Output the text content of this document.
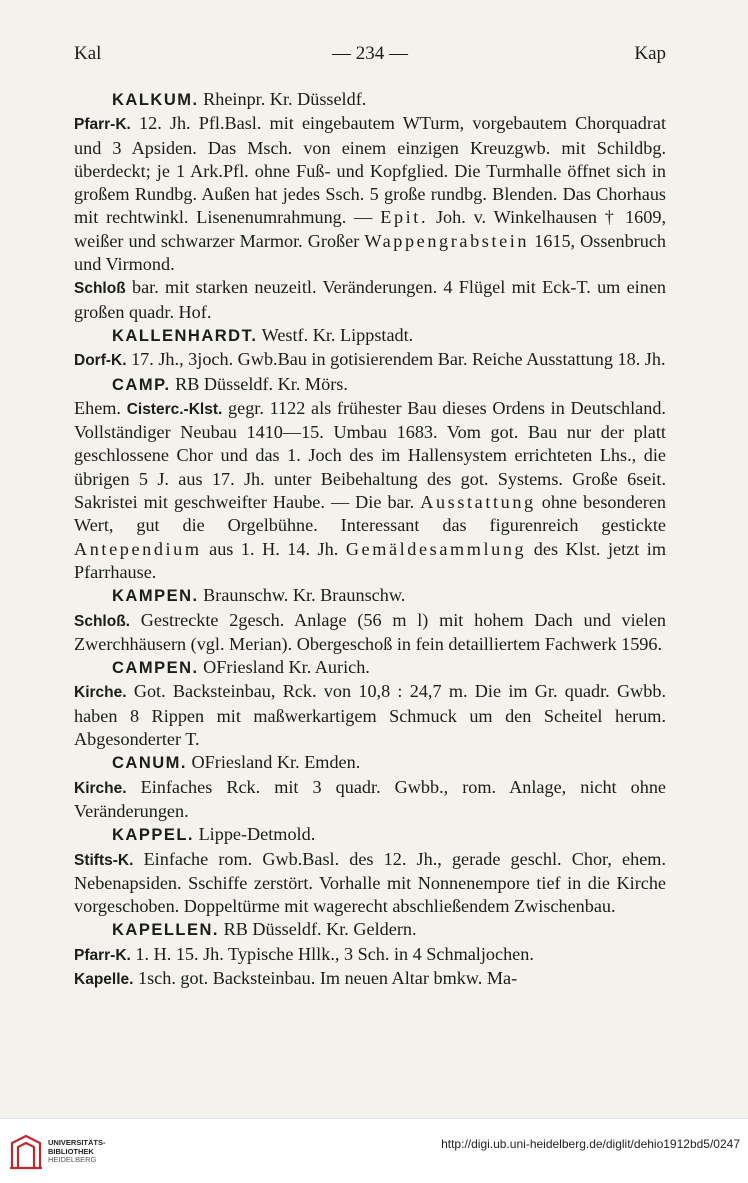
Kal	— 234 —	Kap

KALKUM. Rheinpr. Kr. Düsseldf.

Pfarr-K. 12. Jh. Pfl.Basl. mit eingebautem WTurm, vorgebautem Chorquadrat und 3 Apsiden. Das Msch. von einem einzigen Kreuzgwb. mit Schildbg. überdeckt; je 1 Ark.Pfl. ohne Fuß- und Kopfglied. Die Turmhalle öffnet sich in großem Rundbg. Außen hat jedes Ssch. 5 große rundbg. Blenden. Das Chorhaus mit rechtwinkl. Lisenenumrahmung. — Epit. Joh. v. Winkelhausen † 1609, weißer und schwarzer Marmor. Großer Wappengrabstein 1615, Ossenbruch und Virmond.

Schloß bar. mit starken neuzeitl. Veränderungen. 4 Flügel mit Eck-T. um einen großen quadr. Hof.

KALLENHARDT. Westf. Kr. Lippstadt.

Dorf-K. 17. Jh., 3joch. Gwb.Bau in gotisierendem Bar. Reiche Ausstattung 18. Jh.

CAMP. RB Düsseldf. Kr. Mörs.

Ehem. Cisterc.-Klst. gegr. 1122 als frühester Bau dieses Ordens in Deutschland. Vollständiger Neubau 1410—15. Umbau 1683. Vom got. Bau nur der platt geschlossene Chor und das 1. Joch des im Hallensystem errichteten Lhs., die übrigen 5 J. aus 17. Jh. unter Beibehaltung des got. Systems. Große 6seit. Sakristei mit geschweifter Haube. — Die bar. Ausstattung ohne besonderen Wert, gut die Orgelbühne. Interessant das figurenreich gestickte Antependium aus 1. H. 14. Jh. Gemäldesammlung des Klst. jetzt im Pfarrhause.

KAMPEN. Braunschw. Kr. Braunschw.

Schloß. Gestreckte 2gesch. Anlage (56 m l) mit hohem Dach und vielen Zwerchhäusern (vgl. Merian). Obergeschoß in fein detailliertem Fachwerk 1596.

CAMPEN. OFriesland Kr. Aurich.

Kirche. Got. Backsteinbau, Rck. von 10,8 : 24,7 m. Die im Gr. quadr. Gwbb. haben 8 Rippen mit maßwerkartigem Schmuck um den Scheitel herum. Abgesonderter T.

CANUM. OFriesland Kr. Emden.

Kirche. Einfaches Rck. mit 3 quadr. Gwbb., rom. Anlage, nicht ohne Veränderungen.

KAPPEL. Lippe-Detmold.

Stifts-K. Einfache rom. Gwb.Basl. des 12. Jh., gerade geschl. Chor, ehem. Nebenapsiden. Sschiffe zerstört. Vorhalle mit Nonnenempore tief in die Kirche vorgeschoben. Doppeltürme mit wagerecht abschließendem Zwischenbau.

KAPELLEN. RB Düsseldf. Kr. Geldern.

Pfarr-K. 1. H. 15. Jh. Typische Hllk., 3 Sch. in 4 Schmaljochen.

Kapelle. 1sch. got. Backsteinbau. Im neuen Altar bmkw. Ma-

UNIVERSITÄTS-
BIBLIOTHEK
HEIDELBERG
http://digi.ub.uni-heidelberg.de/diglit/dehio1912bd5/0247
